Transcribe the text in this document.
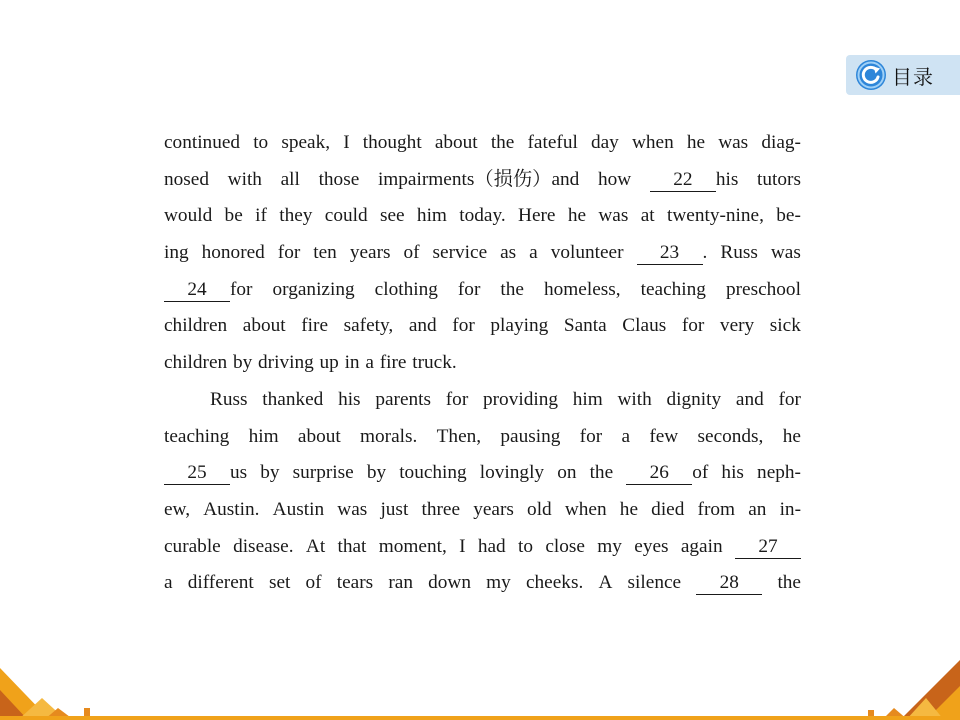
目录
continued to speak, I thought about the fateful day when he was diag-
nosed with all those impairments（损伤）and how	22 his tutors
would be if they could see him today. Here he was at twenty-nine, be-
ing honored for ten years of service as a volunteer	23 . Russ was
24 for organizing clothing for the homeless, teaching preschool
children about fire safety, and for playing Santa Claus for very sick
children by driving up in a fire truck.
Russ thanked his parents for providing him with dignity and for
teaching him about morals. Then, pausing for a few seconds, he
25 us by surprise by touching lovingly on the	26 of his neph-
ew, Austin. Austin was just three years old when he died from an in-
curable disease. At that moment, I had to close my eyes again	27
a different set of tears ran down my cheeks. A silence	28	the
